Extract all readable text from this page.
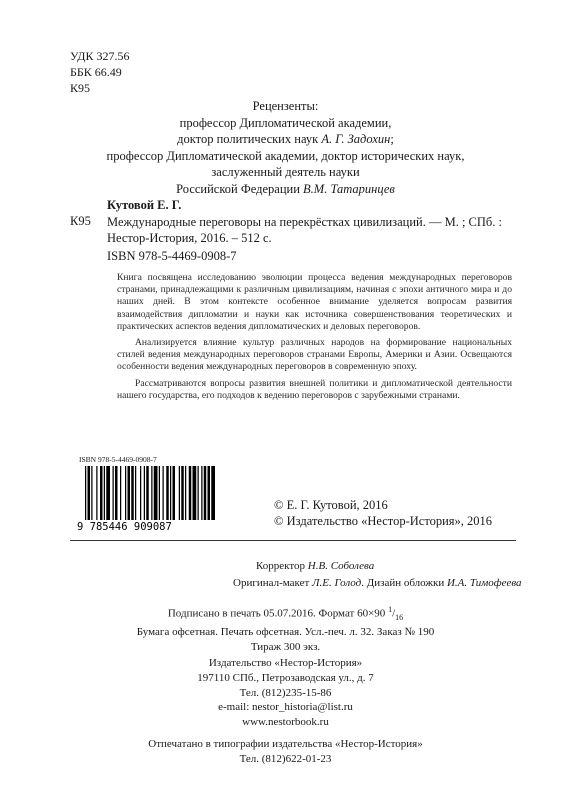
УДК 327.56
ББК 66.49
К95
Рецензенты:
профессор Дипломатической академии,
доктор политических наук А. Г. Задохин;
профессор Дипломатической академии, доктор исторических наук,
заслуженный деятель науки
Российской Федерации В.М. Татаринцев
Кутовой Е. Г.
К95 Международные переговоры на перекрёстках цивилизаций. — М. ; СПб. :
Нестор-История, 2016. – 512 с.
ISBN 978-5-4469-0908-7

Книга посвящена исследованию эволюции процесса ведения международных переговоров странами, принадлежащими к различным цивилизациям, начиная с эпохи античного мира и до наших дней. В этом контексте особенное внимание уделяется вопросам развития взаимодействия дипломатии и науки как источника совершенствования теоретических и практических аспектов ведения дипломатических и деловых переговоров.

Анализируется влияние культур различных народов на формирование национальных стилей ведения международных переговоров странами Европы, Америки и Азии. Освещаются особенности ведения международных переговоров в современную эпоху.

Рассматриваются вопросы развития внешней политики и дипломатической деятельности нашего государства, его подходов к ведению переговоров с зарубежными странами.

ISBN 978-5-4469-0908-7
9 785446 909087
© Е. Г. Кутовой, 2016
© Издательство «Нестор-История», 2016
Корректор Н.В. Соболева
Оригинал-макет Л.Е. Голод. Дизайн обложки И.А. Тимофеева
Подписано в печать 05.07.2016. Формат 60×90 $^1/_{16}$
Бумага офсетная. Печать офсетная. Усл.-печ. л. 32. Заказ № 190
Тираж 300 экз.
Издательство «Нестор-История»
197110 СПб., Петрозаводская ул., д. 7
Тел. (812)235-15-86
e-mail: nestor_historia@list.ru
www.nestorbook.ru
Отпечатано в типографии издательства «Нестор-История»
Тел. (812)622-01-23
